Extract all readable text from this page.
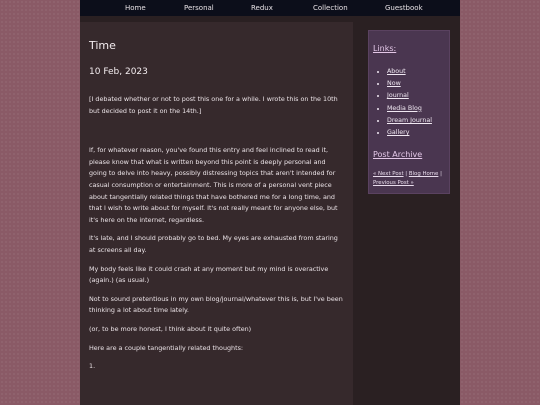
Home	Personal	Redux	Collection	Guestbook
Time
10 Feb, 2023

[I debated whether or not to post this one for a while. I wrote this on the 10th but decided to post it on the 14th.]

If, for whatever reason, you've found this entry and feel inclined to read it, please know that what is written beyond this point is deeply personal and going to delve into heavy, possibly distressing topics that aren't intended for casual consumption or entertainment. This is more of a personal vent piece about tangentially related things that have bothered me for a long time, and that I wish to write about for myself. It's not really meant for anyone else, but it's here on the internet, regardless.

It's late, and I should probably go to bed. My eyes are exhausted from staring at screens all day.

My body feels like it could crash at any moment but my mind is overactive (again.) (as usual.)

Not to sound pretentious in my own blog/journal/whatever this is, but I've been thinking a lot about time lately.

(or, to be more honest, I think about it quite often)

Here are a couple tangentially related thoughts:

1.

Links:
• About
• Now
• Journal
• Media Blog
• Dream Journal
• Gallery
Post Archive
« Next Post | Blog Home |
Previous Post »
